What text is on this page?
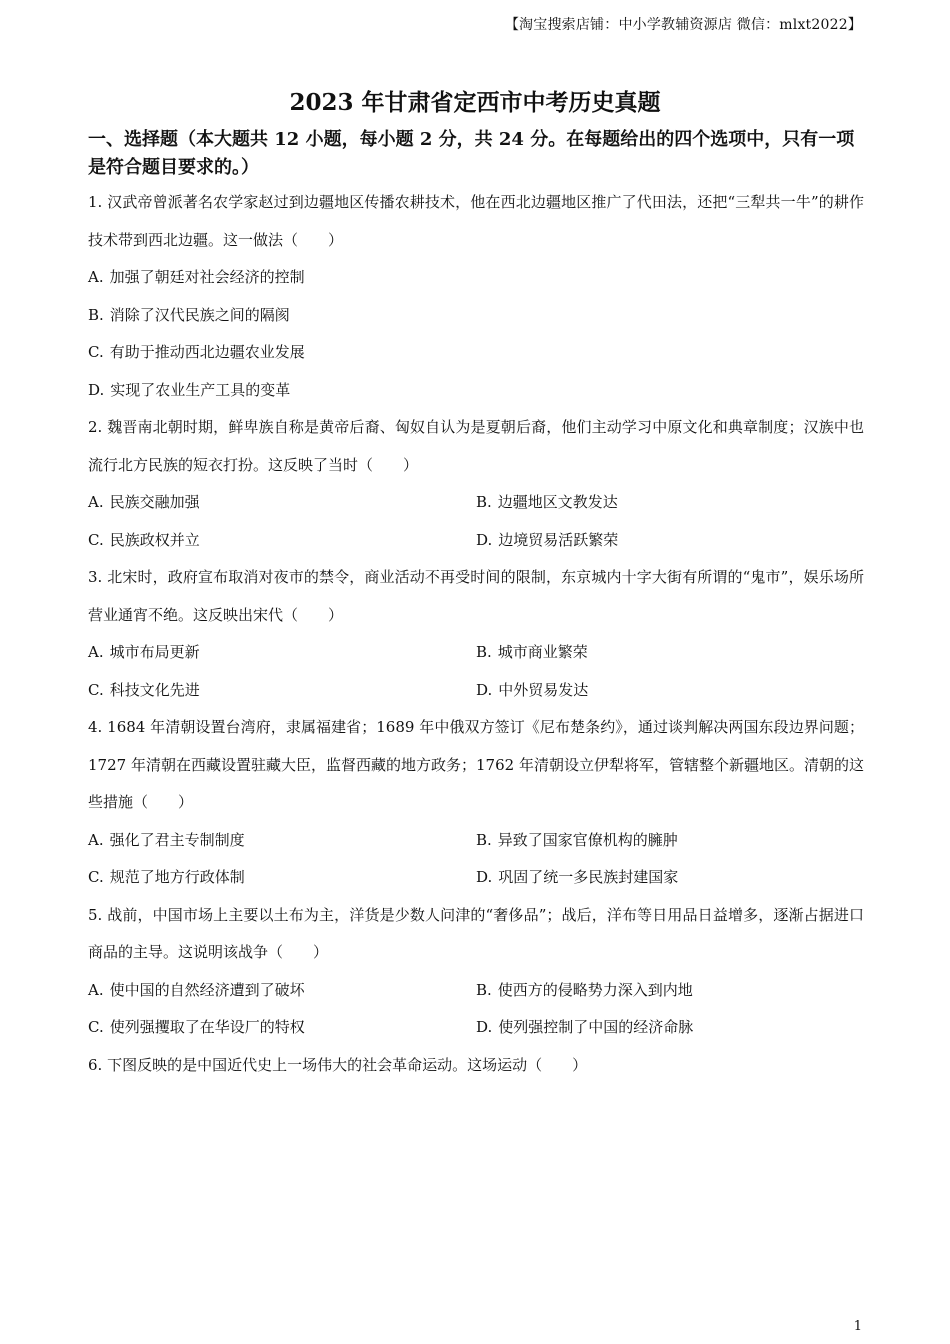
【淘宝搜索店铺：中小学教辅资源店 微信：mlxt2022】
2023 年甘肃省定西市中考历史真题
一、选择题（本大题共 12 小题，每小题 2 分，共 24 分。在每题给出的四个选项中，只有一项是符合题目要求的。）
1. 汉武帝曾派著名农学家赵过到边疆地区传播农耕技术，他在西北边疆地区推广了代田法，还把“三犁共一牛”的耕作技术带到西北边疆。这一做法（　　）
A. 加强了朝廷对社会经济的控制
B. 消除了汉代民族之间的隔阂
C. 有助于推动西北边疆农业发展
D. 实现了农业生产工具的变革
2. 魏晋南北朝时期，鲜卑族自称是黄帝后裔、匈奴自认为是夏朝后裔，他们主动学习中原文化和典章制度；汉族中也流行北方民族的短衣打扮。这反映了当时（　　）
A. 民族交融加强	B. 边疆地区文教发达
C. 民族政权并立	D. 边境贸易活跃繁荣
3. 北宋时，政府宣布取消对夜市的禁令，商业活动不再受时间的限制，东京城内十字大街有所谓的“鬼市”，娱乐场所营业通宵不绝。这反映出宋代（　　）
A. 城市布局更新	B. 城市商业繁荣
C. 科技文化先进	D. 中外贸易发达
4. 1684 年清朝设置台湾府，隶属福建省；1689 年中俄双方签订《尼布楚条约》，通过谈判解决两国东段边界问题；1727 年清朝在西藏设置驻藏大臣，监督西藏的地方政务；1762 年清朝设立伊犁将军，管辖整个新疆地区。清朝的这些措施（　　）
A. 强化了君主专制制度	B. 异致了国家官僚机构的臃肿
C. 规范了地方行政体制	D. 巩固了统一多民族封建国家
5. 战前，中国市场上主要以土布为主，洋货是少数人问津的“奢侈品”；战后，洋布等日用品日益增多，逐渐占据进口商品的主导。这说明该战争（　　）
A. 使中国的自然经济遭到了破坏	B. 使西方的侵略势力深入到内地
C. 使列强攫取了在华设厂的特权	D. 使列强控制了中国的经济命脉
6. 下图反映的是中国近代史上一场伟大的社会革命运动。这场运动（　　）
1
